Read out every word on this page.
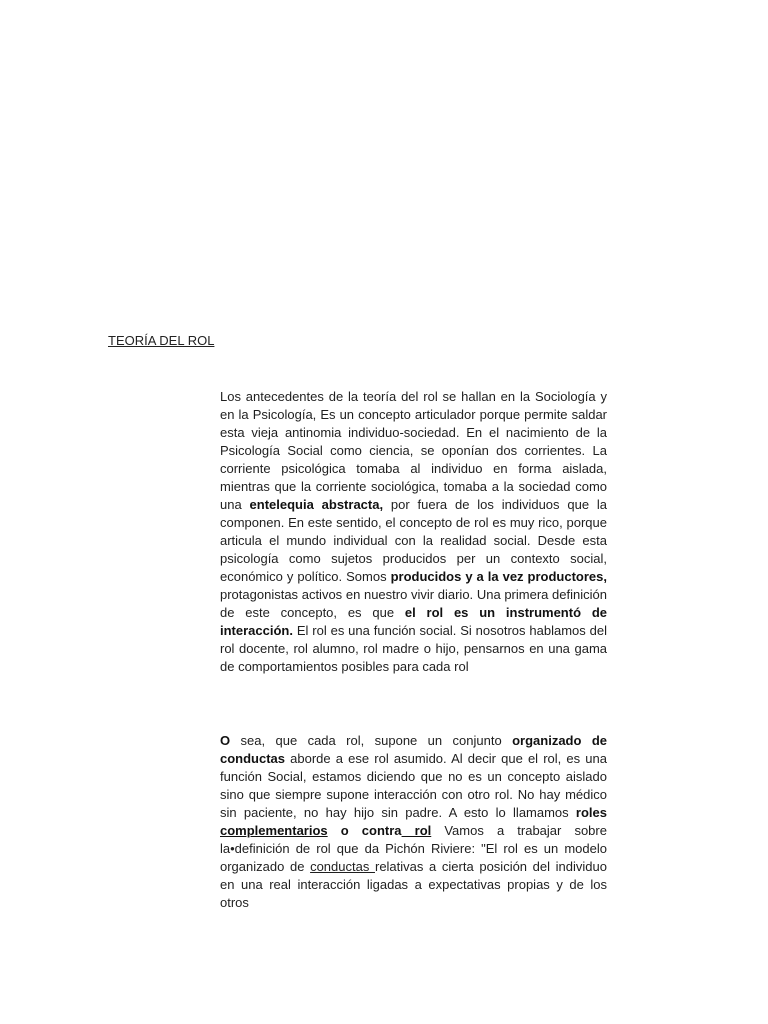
TEORÍA DEL ROL
Los antecedentes de la teoría del rol se hallan en la Sociología y en la Psicología, Es un concepto articulador porque permite saldar esta vieja antinomia individuo-sociedad. En el nacimiento de la Psicología Social como ciencia, se oponían dos corrientes. La corriente psicológica tomaba al individuo en forma aislada, mientras que la corriente sociológica, tomaba a la sociedad como una entelequia abstracta, por fuera de los individuos que la componen. En este sentido, el concepto de rol es muy rico, porque articula el mundo individual con la realidad social. Desde esta psicología como sujetos producidos per un contexto social, económico y político. Somos producidos y a la vez productores, protagonistas activos en nuestro vivir diario. Una primera definición de este concepto, es que el rol es un instrumentó de interacción. El rol es una función social. Si nosotros hablamos del rol docente, rol alumno, rol madre o hijo, pensarnos en una gama de comportamientos posibles para cada rol
O sea, que cada rol, supone un conjunto organizado de conductas aborde a ese rol asumido. Al decir que el rol, es una función Social, estamos diciendo que no es un concepto aislado sino que siempre supone interacción con otro rol. No hay médico sin paciente, no hay hijo sin padre. A esto lo llamamos roles complementarios o contra rol Vamos a trabajar sobre la•definición de rol que da Pichón Riviere: "El rol es un modelo organizado de conductas relativas a cierta posición del individuo en una real interacción ligadas a expectativas propias y de los otros
